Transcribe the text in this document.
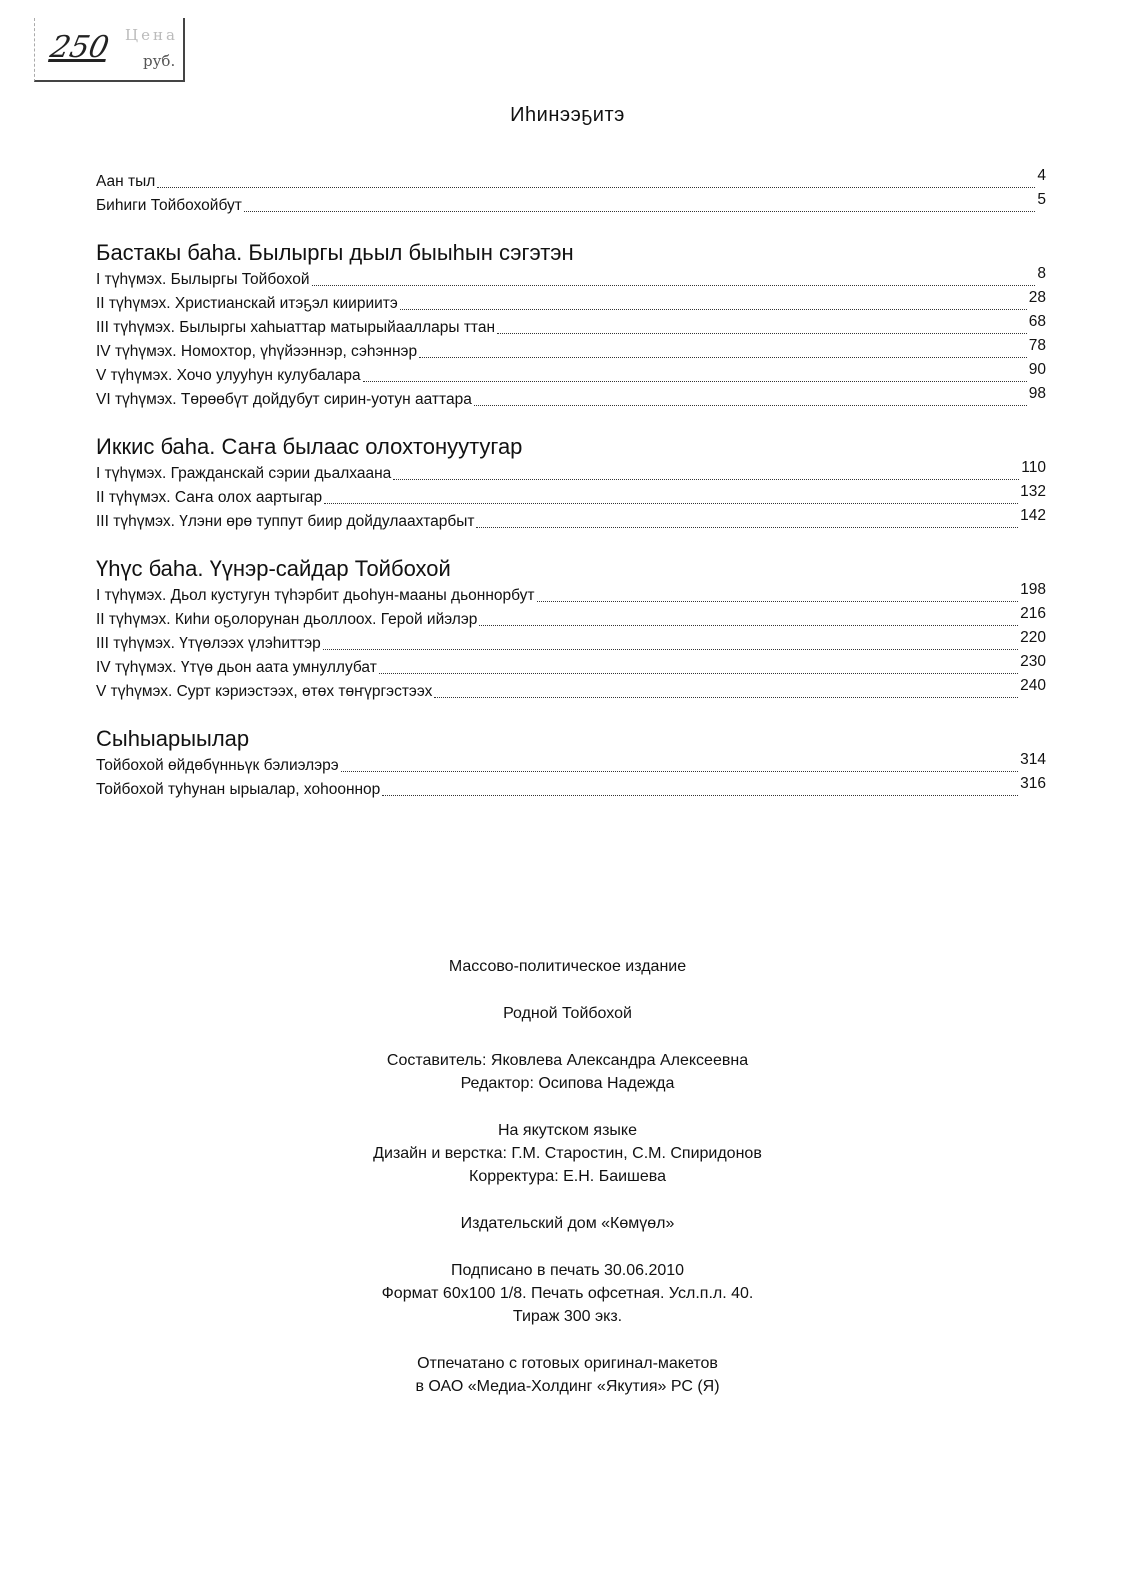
Цена
250 руб.
Иhинээҕитэ
Аан тыл	4
Биhиги Тойбохойбут	5
Бастакы баhа. Былыргы дьыл быыhын сэгэтэн
I түhүмэх. Былыргы Тойбохой	8
II түhүмэх. Христианскай итэҕэл киириитэ	28
III түhүмэх. Былыргы хаhыаттар матырыйааллары ттан	68
IV түhүмэх. Номохтор, үhүйээннэр, сэhэннэр	78
V түhүмэх. Хочо улууhун кулубалара	90
VI түhүмэх. Төрөөбүт дойдубут сирин-уотун ааттара	98
Иккис баhа. Саҥа былаас олохтонуутугар
I түhүмэх. Гражданскай сэрии дьалхаана	110
II түhүмэх. Саҥа олох аартыгар	132
III түhүмэх. Үлэни өрө туппут биир дойдулаахтарбыт	142
Үhүс баhа. Үүнэр-сайдар Тойбохой
I түhүмэх. Дьол кустугун түhэрбит дьоhун-мааны дьоннорбут	198
II түhүмэх. Киhи оҕолорунан дьоллоох. Герой ийэлэр	216
III түhүмэх. Үтүөлээх үлэhиттэр	220
IV түhүмэх. Үтүө дьон аата умнуллубат	230
V түhүмэх. Сурт кэриэстээх, өтөх төҥүргэстээх	240
Сыhыарыылар
Тойбохой өйдөбүнньүк бэлиэлэрэ	314
Тойбохой туhунан ырыалар, хоhооннор	316
Массово-политическое издание
Родной Тойбохой
Составитель: Яковлева Александра Алексеевна
Редактор: Осипова Надежда
На якутском языке
Дизайн и верстка: Г.М. Старостин, С.М. Спиридонов
Корректура: Е.Н. Баишева
Издательский дом «Көмүөл»
Подписано в печать 30.06.2010
Формат 60х100 1/8. Печать офсетная. Усл.п.л. 40.
Тираж 300 экз.
Отпечатано с готовых оригинал-макетов
в ОАО «Медиа-Холдинг «Якутия» РС (Я)
